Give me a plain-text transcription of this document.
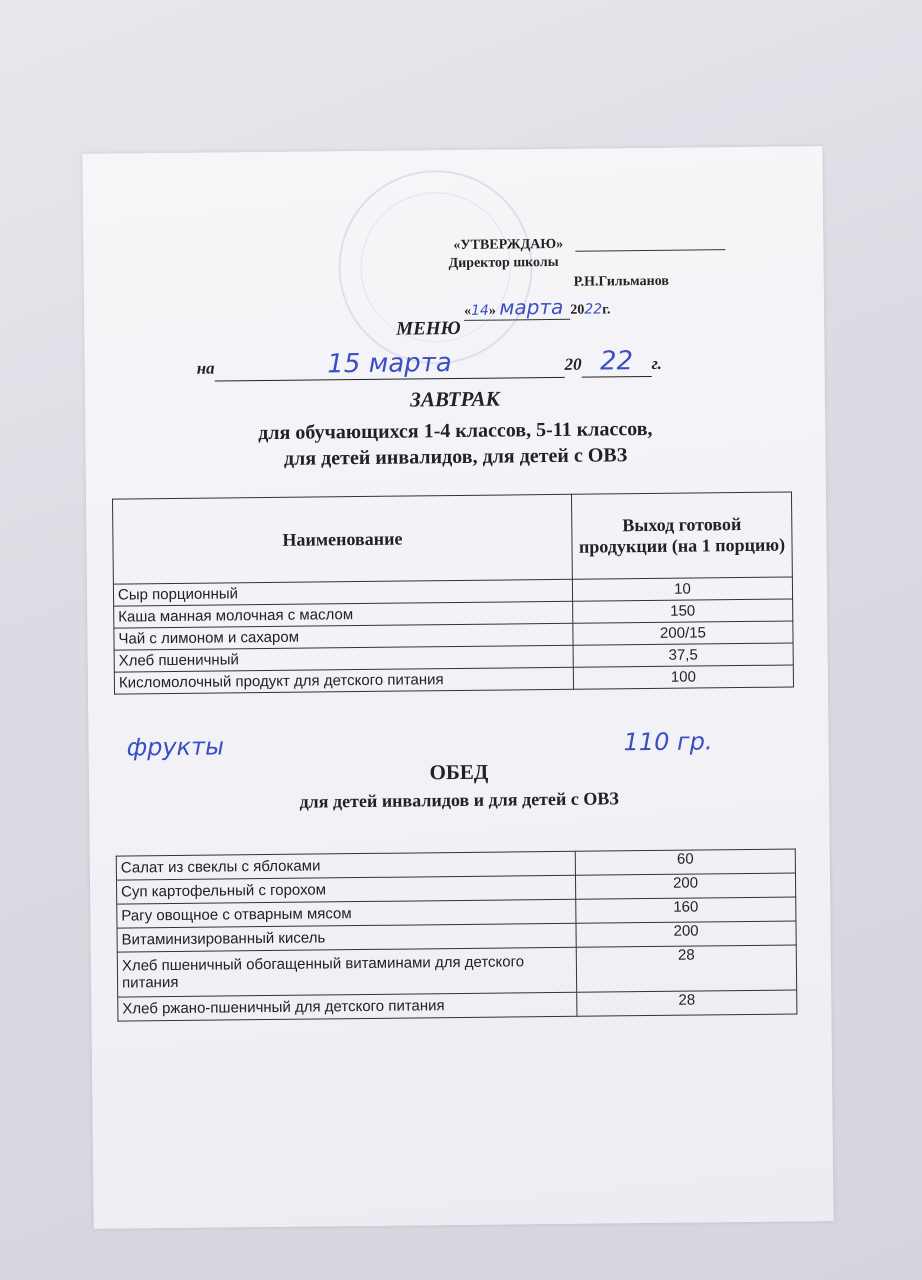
«УТВЕРЖДАЮ»
Директор школы
Р.Н.Гильманов
«14» марта 2022г.
МЕНЮ
на	15 марта	20 22 г.
ЗАВТРАК
для обучающихся 1-4 классов, 5-11 классов,
для детей инвалидов, для детей с ОВЗ
Наименование	Выход готовой продукции (на 1 порцию)
Сыр порционный	10
Каша манная молочная с маслом	150
Чай с лимоном и сахаром	200/15
Хлеб пшеничный	37,5
Кисломолочный продукт для детского питания	100
фрукты	110 гр.
ОБЕД
для детей инвалидов и для детей с ОВЗ
Салат из свеклы с яблоками	60
Суп картофельный с горохом	200
Рагу овощное с отварным мясом	160
Витаминизированный кисель	200
Хлеб пшеничный обогащенный витаминами для детского питания	28
Хлеб ржано-пшеничный для детского питания	28
